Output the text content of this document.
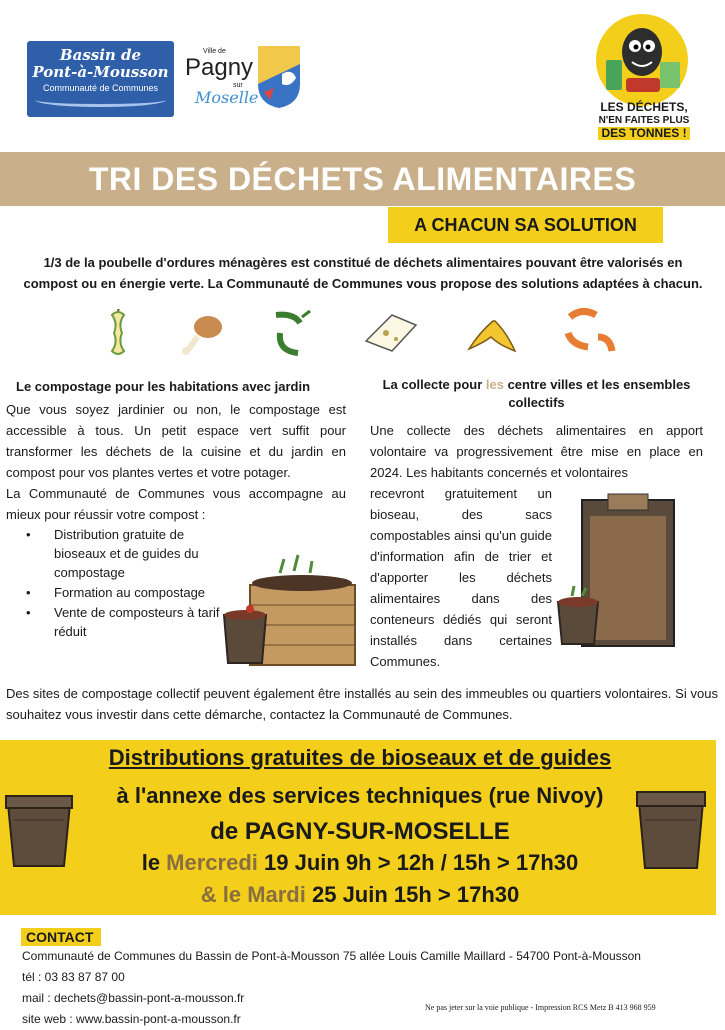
Bassin de
Pont-à-Mousson
Communauté de Communes
Ville de
Pagny
sur
Moselle	LES DÉCHETS,
N'EN FAITES PLUS
DES TONNES !
TRI DES DÉCHETS ALIMENTAIRES
A CHACUN SA SOLUTION
1/3 de la poubelle d'ordures ménagères est constitué de déchets alimentaires pouvant être valorisés en
compost ou en énergie verte. La Communauté de Communes vous propose des solutions adaptées à chacun.
Le compostage pour les habitations avec jardin

Que vous soyez jardinier ou non, le compostage est accessible à tous. Un petit espace vert suffit pour transformer les déchets de la cuisine et du jardin en compost pour vos plantes vertes et votre potager.

La Communauté de Communes vous accompagne au mieux pour réussir votre compost :

• Distribution gratuite de bioseaux et de guides du compostage
• Formation au compostage
• Vente de composteurs à tarif réduit
La collecte pour les centre villes et les ensembles collectifs

Une collecte des déchets alimentaires en apport volontaire va progressivement être mise en place en 2024. Les habitants concernés et volontaires

recevront gratuitement un bioseau, des sacs compostables ainsi qu'un guide d'information afin de trier et d'apporter les déchets alimentaires dans des conteneurs dédiés qui seront installés dans certaines Communes.

Des sites de compostage collectif peuvent également être installés au sein des immeubles ou quartiers volontaires. Si vous souhaitez vous investir dans cette démarche, contactez la Communauté de Communes.
Distributions gratuites de bioseaux et de guides
à l'annexe des services techniques (rue Nivoy)
de PAGNY-SUR-MOSELLE
le Mercredi 19 Juin 9h > 12h / 15h > 17h30
& le Mardi 25 Juin 15h > 17h30
CONTACT
Communauté de Communes du Bassin de Pont-à-Mousson 75 allée Louis Camille Maillard - 54700 Pont-à-Mousson
tél : 03 83 87 87 00
mail : dechets@bassin-pont-a-mousson.fr
site web : www.bassin-pont-a-mousson.fr
Ne pas jeter sur la voie publique - Impression RCS Metz B 413 968 959
